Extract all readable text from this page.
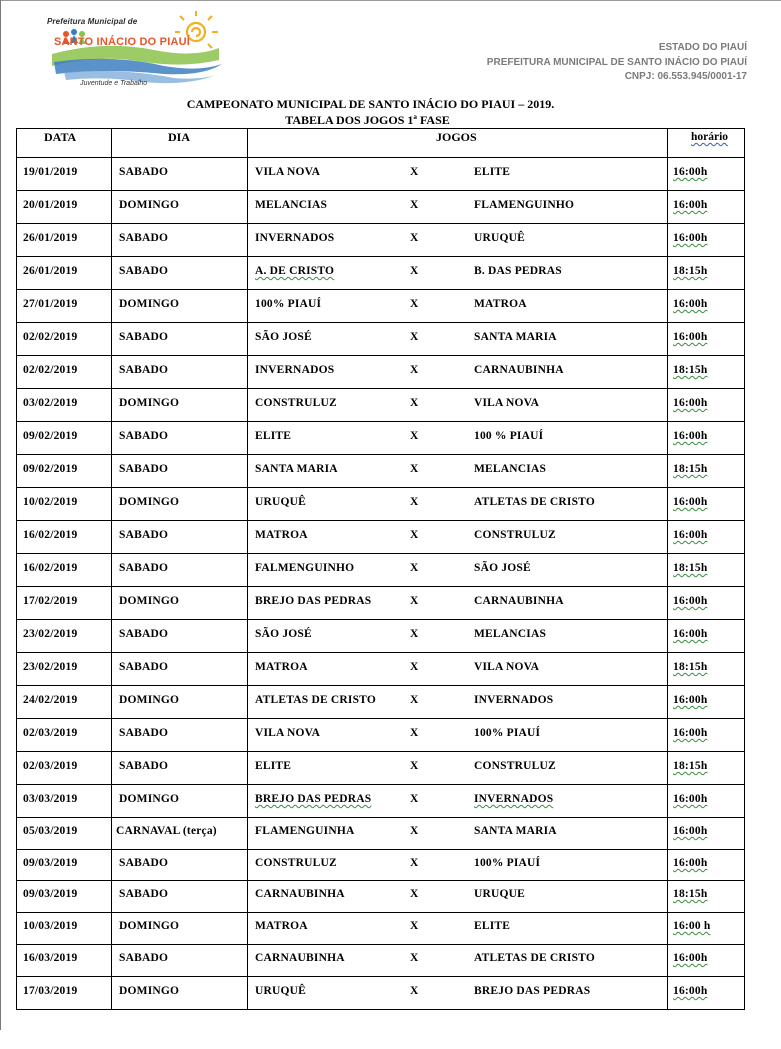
Prefeitura Municipal de
SANTO INÁCIO DO PIAUÍ
Juventude e Trabalho
ESTADO DO PIAUÍ
PREFEITURA MUNICIPAL DE SANTO INÁCIO DO PIAUÍ
CNPJ: 06.553.945/0001-17
CAMPEONATO MUNICIPAL DE SANTO INÁCIO DO PIAUI – 2019.
TABELA DOS JOGOS 1ª FASE
DATA	DIA	JOGOS	horário
19/01/2019	SABADO	VILA NOVA	X	ELITE	16:00h
20/01/2019	DOMINGO	MELANCIAS	X	FLAMENGUINHO	16:00h
26/01/2019	SABADO	INVERNADOS	X	URUQUÊ	16:00h
26/01/2019	SABADO	A. DE CRISTO	X	B. DAS PEDRAS	18:15h
27/01/2019	DOMINGO	100% PIAUÍ	X	MATROA	16:00h
02/02/2019	SABADO	SÃO JOSÉ	X	SANTA MARIA	16:00h
02/02/2019	SABADO	INVERNADOS	X	CARNAUBINHA	18:15h
03/02/2019	DOMINGO	CONSTRULUZ	X	VILA NOVA	16:00h
09/02/2019	SABADO	ELITE	X	100 % PIAUÍ	16:00h
09/02/2019	SABADO	SANTA MARIA	X	MELANCIAS	18:15h
10/02/2019	DOMINGO	URUQUÊ	X	ATLETAS DE CRISTO	16:00h
16/02/2019	SABADO	MATROA	X	CONSTRULUZ	16:00h
16/02/2019	SABADO	FALMENGUINHO	X	SÃO JOSÉ	18:15h
17/02/2019	DOMINGO	BREJO DAS PEDRAS	X	CARNAUBINHA	16:00h
23/02/2019	SABADO	SÃO JOSÉ	X	MELANCIAS	16:00h
23/02/2019	SABADO	MATROA	X	VILA NOVA	18:15h
24/02/2019	DOMINGO	ATLETAS DE CRISTO	X	INVERNADOS	16:00h
02/03/2019	SABADO	VILA NOVA	X	100% PIAUÍ	16:00h
02/03/2019	SABADO	ELITE	X	CONSTRULUZ	18:15h
03/03/2019	DOMINGO	BREJO DAS PEDRAS	X	INVERNADOS	16:00h
05/03/2019	CARNAVAL (terça)	FLAMENGUINHA	X	SANTA MARIA	16:00h
09/03/2019	SABADO	CONSTRULUZ	X	100% PIAUÍ	16:00h
09/03/2019	SABADO	CARNAUBINHA	X	URUQUE	18:15h
10/03/2019	DOMINGO	MATROA	X	ELITE	16:00 h
16/03/2019	SABADO	CARNAUBINHA	X	ATLETAS DE CRISTO	16:00h
17/03/2019	DOMINGO	URUQUÊ	X	BREJO DAS PEDRAS	16:00h
